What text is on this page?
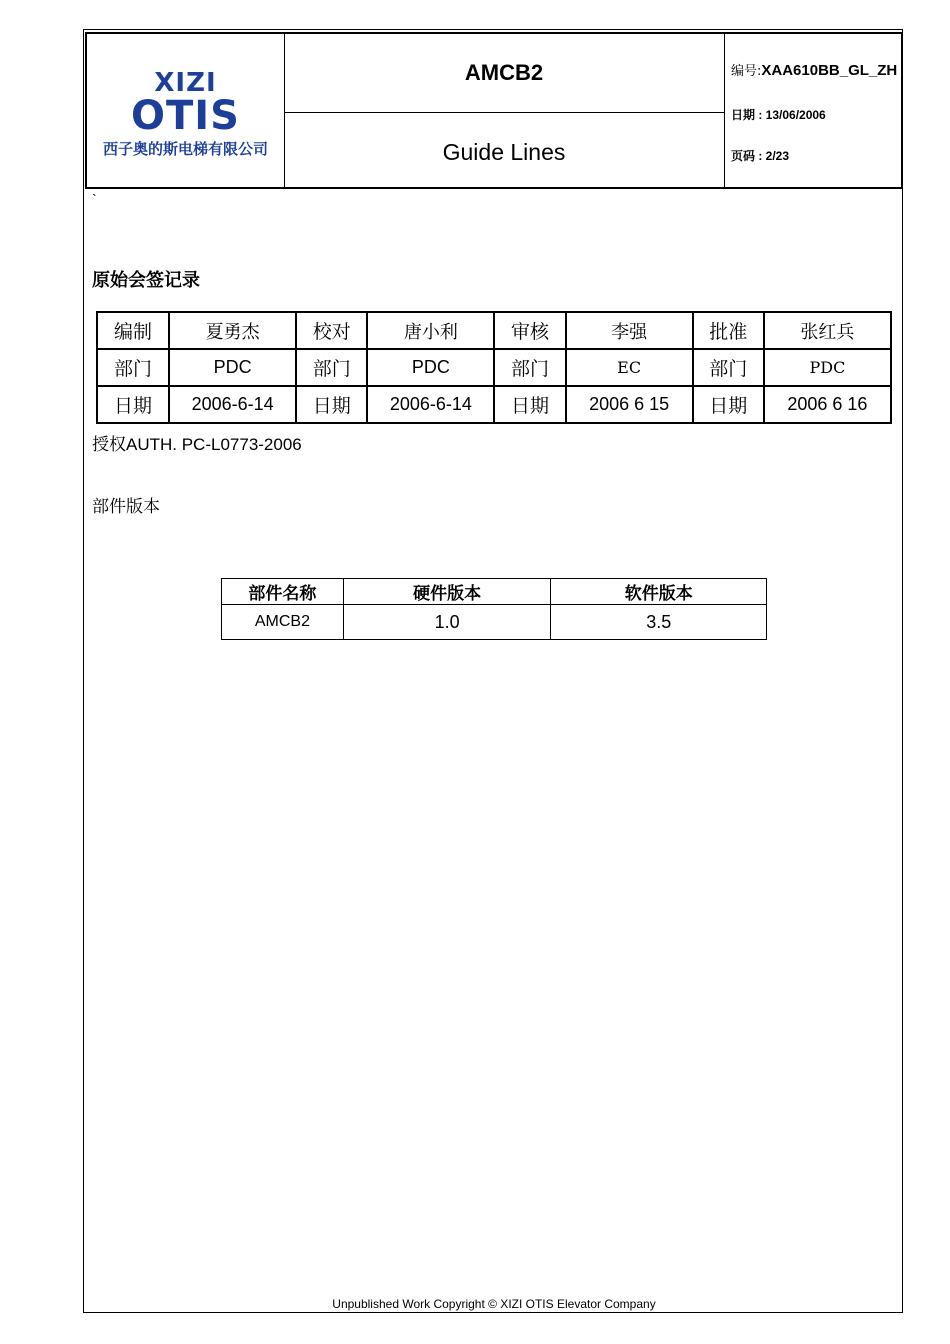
XIZI
OTIS
西子奥的斯电梯有限公司
AMCB2
Guide Lines
编号:XAA610BB_GL_ZH
日期 : 13/06/2006
页码 : 2/23
`
原始会签记录
编制	夏勇杰	校对	唐小利	审核	李强	批准	张红兵
部门	PDC	部门	PDC	部门	EC	部门	PDC
日期	2006-6-14	日期	2006-6-14	日期	2006 6 15	日期	2006 6 16
授权AUTH. PC-L0773-2006
部件版本
部件名称	硬件版本	软件版本
AMCB2	1.0	3.5
Unpublished Work Copyright © XIZI OTIS Elevator Company
